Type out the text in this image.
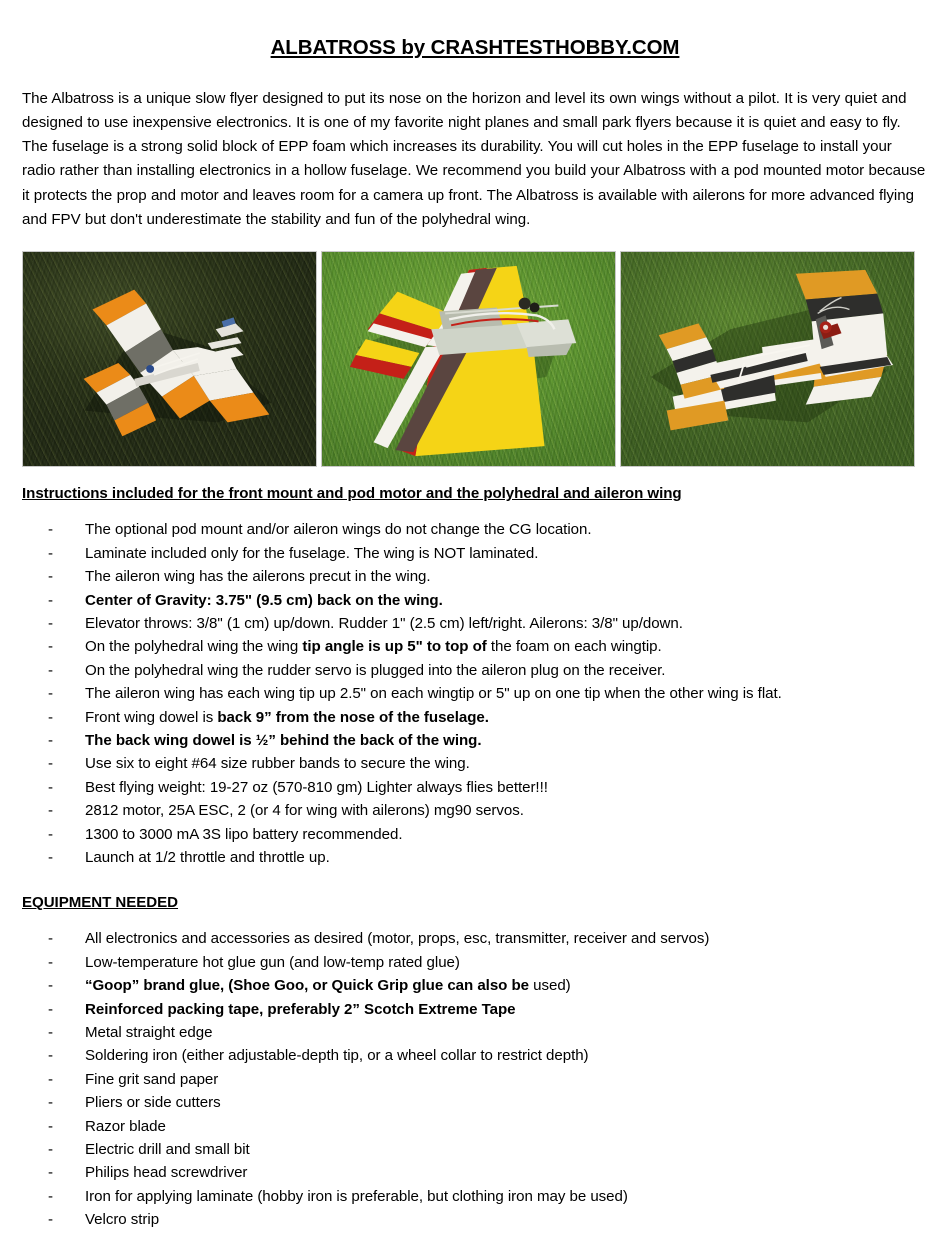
ALBATROSS by CRASHTESTHOBBY.COM

The Albatross is a unique slow flyer designed to put its nose on the horizon and level its own wings without a pilot. It is very quiet and designed to use inexpensive electronics. It is one of my favorite night planes and small park flyers because it is quiet and easy to fly. The fuselage is a strong solid block of EPP foam which increases its durability. You will cut holes in the EPP fuselage to install your radio rather than installing electronics in a hollow fuselage. We recommend you build your Albatross with a pod mounted motor because it protects the prop and motor and leaves room for a camera up front. The Albatross is available with ailerons for more advanced flying and FPV but don't underestimate the stability and fun of the polyhedral wing.

Instructions included for the front mount and pod motor and the polyhedral and aileron wing
- The optional pod mount and/or aileron wings do not change the CG location.
- Laminate included only for the fuselage. The wing is NOT laminated.
- The aileron wing has the ailerons precut in the wing.
- Center of Gravity: 3.75" (9.5 cm) back on the wing.
- Elevator throws: 3/8" (1 cm) up/down. Rudder 1" (2.5 cm) left/right. Ailerons: 3/8" up/down.
- On the polyhedral wing the wing tip angle is up 5" to top of the foam on each wingtip.
- On the polyhedral wing the rudder servo is plugged into the aileron plug on the receiver.
- The aileron wing has each wing tip up 2.5" on each wingtip or 5" up on one tip when the other wing is flat.
- Front wing dowel is back 9” from the nose of the fuselage.
- The back wing dowel is ½” behind the back of the wing.
- Use six to eight #64 size rubber bands to secure the wing.
- Best flying weight: 19-27 oz (570-810 gm) Lighter always flies better!!!
- 2812 motor, 25A ESC, 2 (or 4 for wing with ailerons) mg90 servos.
- 1300 to 3000 mA 3S lipo battery recommended.
- Launch at 1/2 throttle and throttle up.
EQUIPMENT NEEDED
- All electronics and accessories as desired (motor, props, esc, transmitter, receiver and servos)
- Low-temperature hot glue gun (and low-temp rated glue)
- “Goop” brand glue, (Shoe Goo, or Quick Grip glue can also be used)
- Reinforced packing tape, preferably 2” Scotch Extreme Tape
- Metal straight edge
- Soldering iron (either adjustable-depth tip, or a wheel collar to restrict depth)
- Fine grit sand paper
- Pliers or side cutters
- Razor blade
- Electric drill and small bit
- Philips head screwdriver
- Iron for applying laminate (hobby iron is preferable, but clothing iron may be used)
- Velcro strip
